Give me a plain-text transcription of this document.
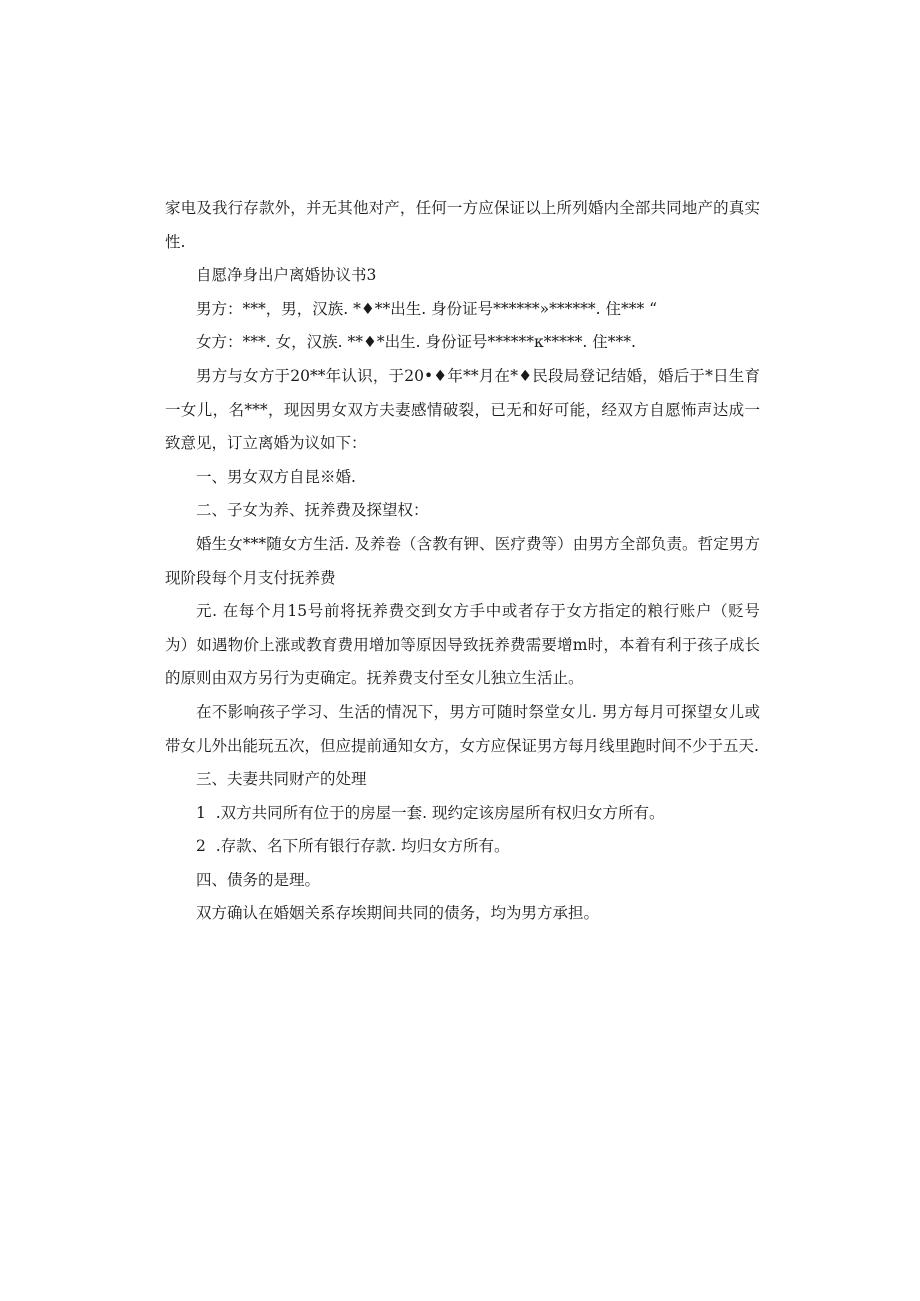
家电及我行存款外，并无其他对产，任何一方应保证以上所列婚内全部共同地产的真实性.

自愿净身出户离婚协议书3

男方：***，男，汉族. *♦**出生. 身份证号******»******. 住*** “

女方：***. 女，汉族. **♦*出生. 身份证号******κ*****. 住***.

男方与女方于20**年认识，于20•♦年**月在*♦民段局登记结婚，婚后于*日生育一女儿，名***，现因男女双方夫妻感情破裂，已无和好可能，经双方自愿怖声达成一致意见，订立离婚为议如下：

一、男女双方自昆※婚.

二、子女为养、抚养费及探望权：

婚生女***随女方生活. 及养卷（含教有钾、医疗费等）由男方全部负责。哲定男方现阶段每个月支付抚养费

元. 在每个月15号前将抚养费交到女方手中或者存于女方指定的粮行账户（贬号为）如遇物价上涨或教育费用增加等原因导致抚养费需要增m时，本着有利于孩子成长的原则由双方另行为吏确定。抚养费支付至女儿独立生活止。

在不影响孩子学习、生活的情况下，男方可随时祭堂女儿. 男方每月可探望女儿或带女儿外出能玩五次，但应提前通知女方，女方应保证男方每月线里跑时间不少于五天.

三、夫妻共同财产的处理

1  .双方共同所有位于的房屋一套. 现约定该房屋所有权归女方所有。

2  .存款、名下所有银行存款. 均归女方所有。

四、债务的是理。

双方确认在婚姻关系存埃期间共同的债务，均为男方承担。
